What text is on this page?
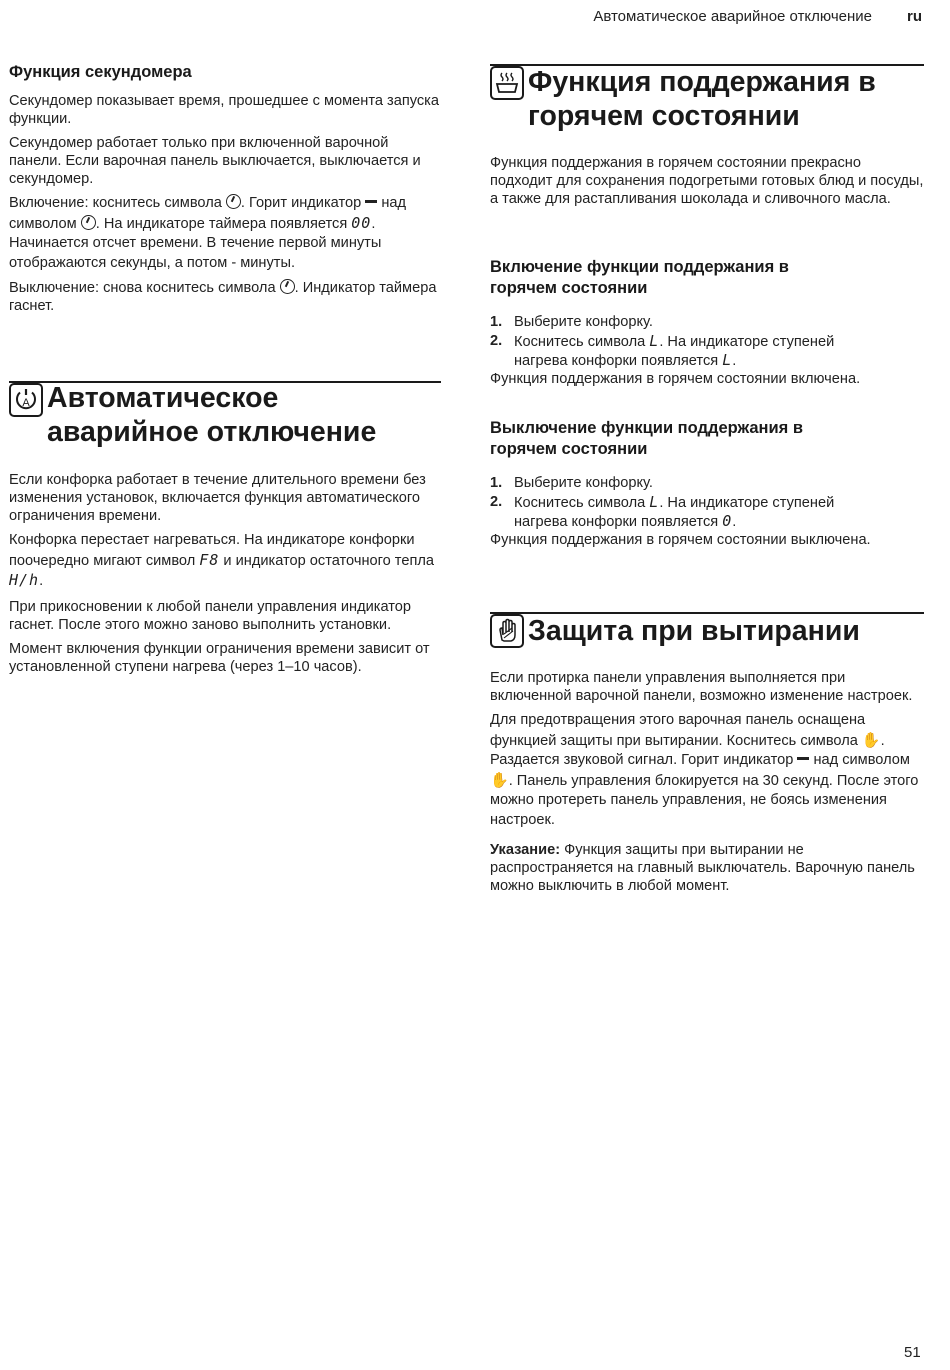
Автоматическое аварийное отключение ru
Функция секундомера

Секундомер показывает время, прошедшее с момента запуска функции.

Секундомер работает только при включенной варочной панели. Если варочная панель выключается, выключается и секундомер.

Включение: коснитесь символа . Горит индикатор  над символом . На индикаторе таймера появляется 00. Начинается отсчет времени. В течение первой минуты отображаются секунды, а потом - минуты.

Выключение: снова коснитесь символа . Индикатор таймера гаснет.

A Автоматическое
аварийное отключение

Если конфорка работает в течение длительного времени без изменения установок, включается функция автоматического ограничения времени.

Конфорка перестает нагреваться. На индикаторе конфорки поочередно мигают символ F8 и индикатор остаточного тепла H/h.

При прикосновении к любой панели управления индикатор гаснет. После этого можно заново выполнить установки.

Момент включения функции ограничения времени зависит от установленной ступени нагрева (через 1–10 часов).

Функция поддержания в
горячем состоянии

Функция поддержания в горячем состоянии прекрасно подходит для сохранения подогретыми готовых блюд и посуды, а также для растапливания шоколада и сливочного масла.

Включение функции поддержания в
горячем состоянии
1. Выберите конфорку.
2. Коснитесь символа L. На индикаторе ступеней
нагрева конфорки появляется L.

Функция поддержания в горячем состоянии включена.

Выключение функции поддержания в
горячем состоянии
1. Выберите конфорку.
2. Коснитесь символа L. На индикаторе ступеней
нагрева конфорки появляется 0.

Функция поддержания в горячем состоянии выключена.

Защита при вытирании

Если протирка панели управления выполняется при включенной варочной панели, возможно изменение настроек.

Для предотвращения этого варочная панель оснащена функцией защиты при вытирании. Коснитесь символа ✋. Раздается звуковой сигнал. Горит индикатор  над символом ✋. Панель управления блокируется на 30 секунд. После этого можно протереть панель управления, не боясь изменения настроек.

Указание: Функция защиты при вытирании не распространяется на главный выключатель. Варочную панель можно выключить в любой момент.

51
